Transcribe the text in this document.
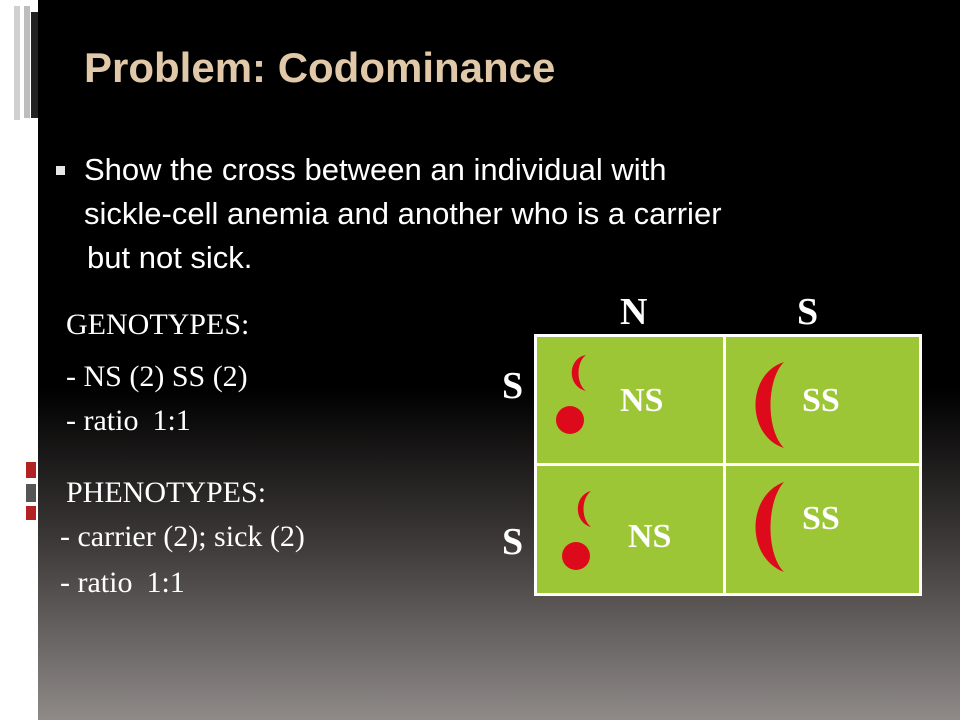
Problem: Codominance
Show the cross between an individual with
sickle-cell anemia and another who is a carrier
but not sick.
GENOTYPES:
- NS (2) SS (2)
- ratio 1:1
PHENOTYPES:
- carrier (2); sick (2)
- ratio 1:1
N	S
S
S
NS	SS
NS	SS
